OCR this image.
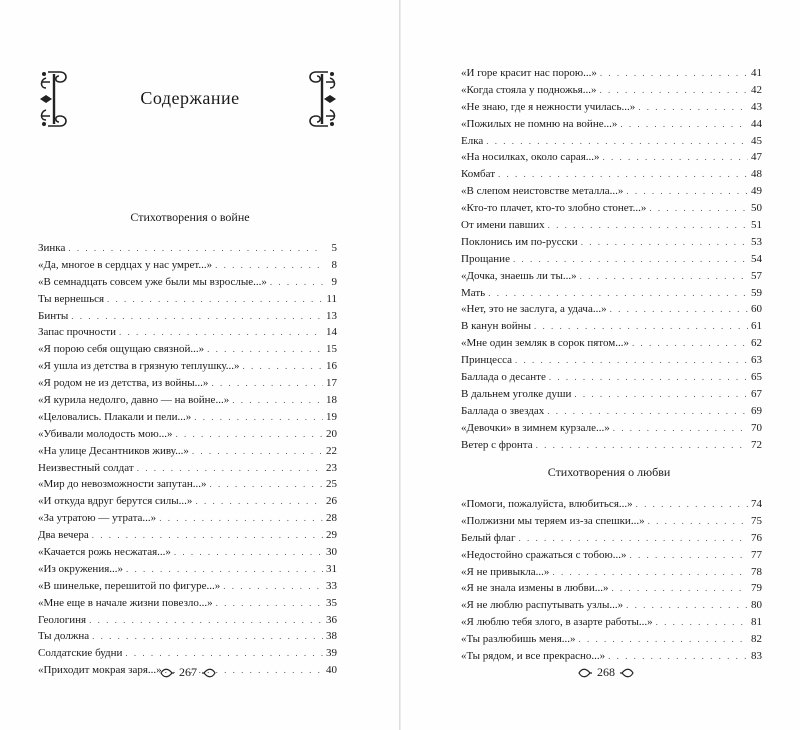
Содержание
Стихотворения о войне
Зинка . . .	5
«Да, многое в сердцах у нас умрет...» . . .	8
«В семнадцать совсем уже были мы взрослые...» . . .	9
Ты вернешься . . .	11
Бинты . . .	13
Запас прочности . . .	14
«Я порою себя ощущаю связной...» . . .	15
«Я ушла из детства в грязную теплушку...» . . .	16
«Я родом не из детства, из войны...» . . .	17
«Я курила недолго, давно — на войне...» . . .	18
«Целовались. Плакали и пели...» . . .	19
«Убивали молодость мою...» . . .	20
«На улице Десантников живу...» . . .	22
Неизвестный солдат . . .	23
«Мир до невозможности запутан...» . . .	25
«И откуда вдруг берутся силы...» . . .	26
«За утратою — утрата...» . . .	28
Два вечера . . .	29
«Качается рожь несжатая...» . . .	30
«Из окружения...» . . .	31
«В шинельке, перешитой по фигуре...» . . .	33
«Мне еще в начале жизни повезло...» . . .	35
Геологиня . . .	36
Ты должна . . .	38
Солдатские будни . . .	39
«Приходит мокрая заря...» . . .	40
267
«И горе красит нас порою...» . . .	41
«Когда стояла у подножья...» . . .	42
«Не знаю, где я нежности училась...» . . .	43
«Пожилых не помню на войне...» . . .	44
Елка . . .	45
«На носилках, около сарая...» . . .	47
Комбат . . .	48
«В слепом неистовстве металла...» . . .	49
«Кто-то плачет, кто-то злобно стонет...» . . .	50
От имени павших . . .	51
Поклонись им по-русски . . .	53
Прощание . . .	54
«Дочка, знаешь ли ты...» . . .	57
Мать . . .	59
«Нет, это не заслуга, а удача...» . . .	60
В канун войны . . .	61
«Мне один земляк в сорок пятом...» . . .	62
Принцесса . . .	63
Баллада о десанте . . .	65
В дальнем уголке души . . .	67
Баллада о звездах . . .	69
«Девочки» в зимнем курзале...» . . .	70
Ветер с фронта . . .	72
Стихотворения о любви
«Помоги, пожалуйста, влюбиться...» . . .	74
«Полжизни мы теряем из-за спешки...» . . .	75
Белый флаг . . .	76
«Недостойно сражаться с тобою...» . . .	77
«Я не привыкла...» . . .	78
«Я не знала измены в любви...» . . .	79
«Я не люблю распутывать узлы...» . . .	80
«Я люблю тебя злого, в азарте работы...» . . .	81
«Ты разлюбишь меня...» . . .	82
«Ты рядом, и все прекрасно...» . . .	83
268
